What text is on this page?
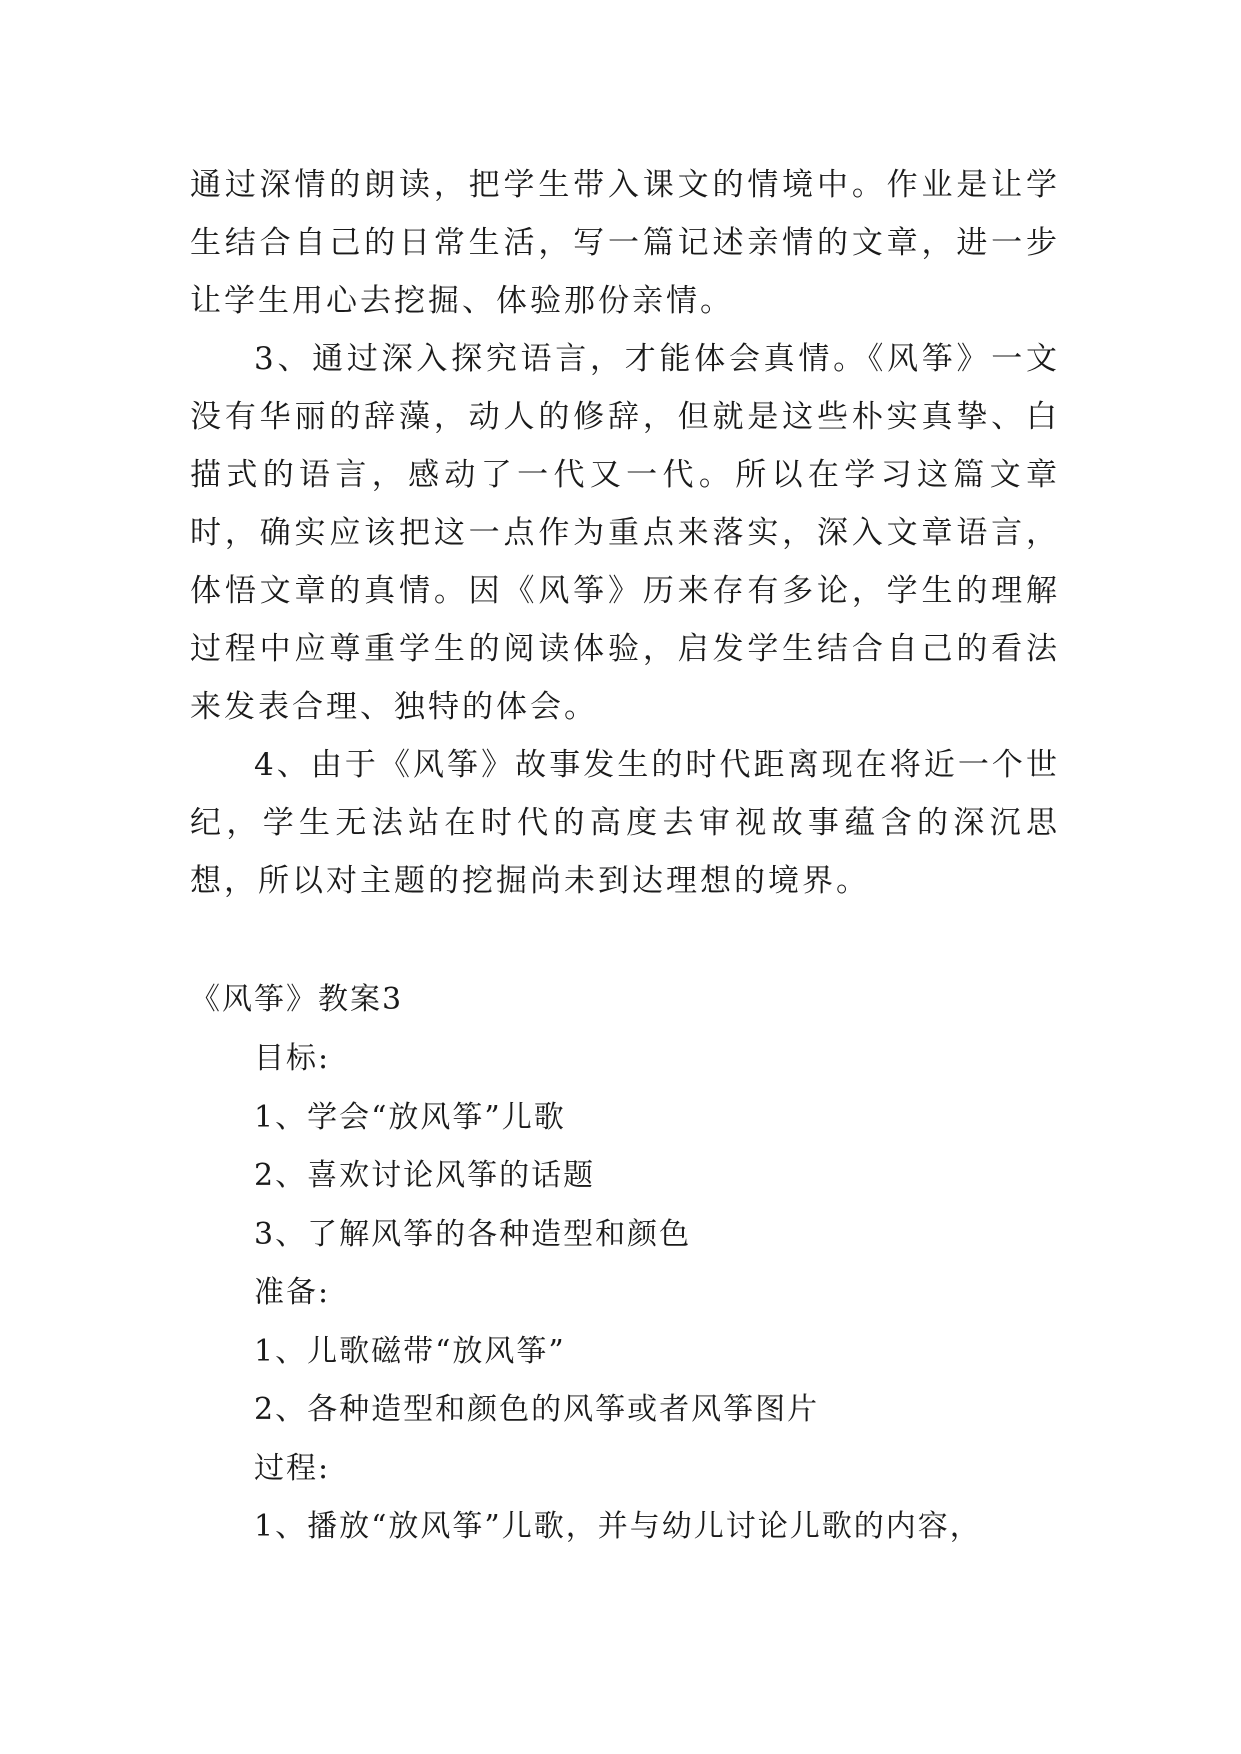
通过深情的朗读，把学生带入课文的情境中。作业是让学生结合自己的日常生活，写一篇记述亲情的文章，进一步让学生用心去挖掘、体验那份亲情。

3、通过深入探究语言，才能体会真情。《风筝》一文没有华丽的辞藻，动人的修辞，但就是这些朴实真挚、白描式的语言，感动了一代又一代。所以在学习这篇文章时，确实应该把这一点作为重点来落实，深入文章语言，体悟文章的真情。因《风筝》历来存有多论，学生的理解过程中应尊重学生的阅读体验，启发学生结合自己的看法来发表合理、独特的体会。

4、由于《风筝》故事发生的时代距离现在将近一个世纪，学生无法站在时代的高度去审视故事蕴含的深沉思想，所以对主题的挖掘尚未到达理想的境界。

《风筝》教案3

目标:

1、学会“放风筝”儿歌

2、喜欢讨论风筝的话题

3、了解风筝的各种造型和颜色

准备:

1、儿歌磁带“放风筝”

2、各种造型和颜色的风筝或者风筝图片

过程:

1、播放“放风筝”儿歌，并与幼儿讨论儿歌的内容，
